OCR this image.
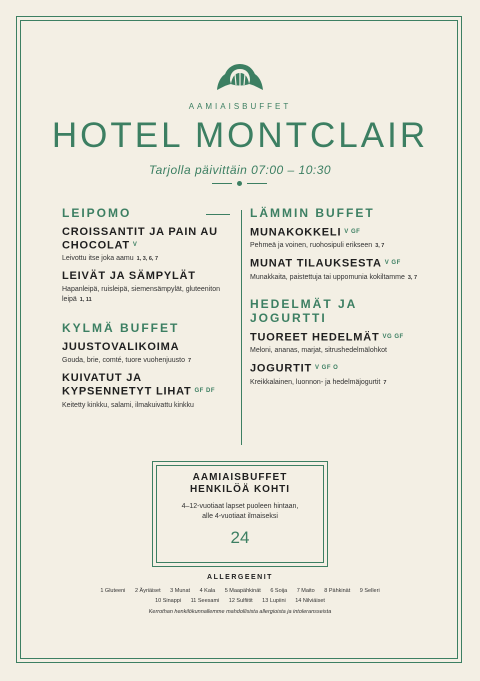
AAMIAISBUFFET
HOTEL MONTCLAIR
Tarjolla päivittäin 07:00 – 10:30
LEIPOMO
CROISSANTIT JA PAIN AU CHOCOLAT V
Leivottu itse joka aamu 1, 3, 6, 7
LEIVÄT JA SÄMPYLÄT
Hapanleipä, ruisleipä, siemensämpylät, gluteeniton leipä 1, 11
KYLMÄ BUFFET
JUUSTOVALIKOIMA
Gouda, brie, comté, tuore vuohenjuusto 7
KUIVATUT JA KYPSENNETYT LIHAT GF DF
Keitetty kinkku, salami, ilmakuivattu kinkku
LÄMMIN BUFFET
MUNAKOKKELI V GF
Pehmeä ja voinen, ruohosipuli erikseen 3, 7
MUNAT TILAUKSESTA V GF
Munakkaita, paistettuja tai uppomunia kokiltamme 3, 7
HEDELMÄT JA JOGURTTI
TUOREET HEDELMÄT VG GF
Meloni, ananas, marjat, sitrushedelmälohkot
JOGURTIT V GF O
Kreikkalainen, luonnon- ja hedelmäjogurtit 7
AAMIAISBUFFET
HENKILÖÄ KOHTI
4–12-vuotiaat lapset puoleen hintaan,
alle 4-vuotiaat ilmaiseksi
24
ALLERGEENIT
1 Gluteeni 2 Äyriäiset 3 Munat 4 Kala 5 Maapähkinät 6 Soija 7 Maito 8 Pähkinät 9 Selleri
10 Sinappi 11 Seesami 12 Sulfiitit 13 Lupiini 14 Nilviäiset
Kerrothan henkilökunnallemme mahdollisista allergioista ja intoleransseista
